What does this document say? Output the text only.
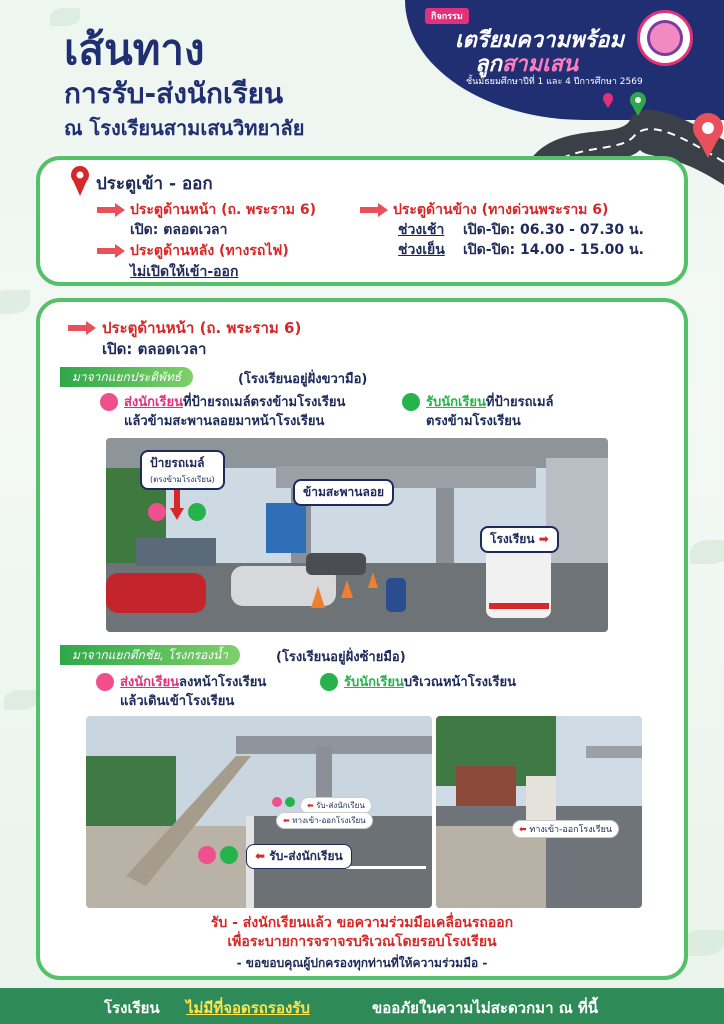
เส้นทาง
การรับ-ส่งนักเรียน
ณ โรงเรียนสามเสนวิทยาลัย
กิจกรรม
เตรียมความพร้อม
ลูกสามเสน
ชั้นมัธยมศึกษาปีที่ 1 และ 4 ปีการศึกษา 2569
ประตูเข้า - ออก
ประตูด้านหน้า (ถ. พระราม 6)
เปิด: ตลอดเวลา
ประตูด้านหลัง (ทางรถไฟ)
ไม่เปิดให้เข้า-ออก
ประตูด้านข้าง (ทางด่วนพระราม 6)
ช่วงเช้า เปิด-ปิด: 06.30 - 07.30 น.
ช่วงเย็น เปิด-ปิด: 14.00 - 15.00 น.
ประตูด้านหน้า (ถ. พระราม 6)
เปิด: ตลอดเวลา
มาจากแยกประดิพัทธ์	(โรงเรียนอยู่ฝั่งขวามือ)
ส่งนักเรียนที่ป้ายรถเมล์ตรงข้ามโรงเรียน
แล้วข้ามสะพานลอยมาหน้าโรงเรียน
รับนักเรียนที่ป้ายรถเมล์
ตรงข้ามโรงเรียน
ป้ายรถเมล์
(ตรงข้ามโรงเรียน)
ข้ามสะพานลอย
โรงเรียน ➡
มาจากแยกตึกชัย, โรงกรองน้ำ	(โรงเรียนอยู่ฝั่งซ้ายมือ)
ส่งนักเรียนลงหน้าโรงเรียน
แล้วเดินเข้าโรงเรียน
รับนักเรียนบริเวณหน้าโรงเรียน
⬅ รับ-ส่งนักเรียน
⬅ ทางเข้า-ออกโรงเรียน
⬅ รับ-ส่งนักเรียน
⬅ ทางเข้า-ออกโรงเรียน
รับ - ส่งนักเรียนแล้ว ขอความร่วมมือเคลื่อนรถออก
เพื่อระบายการจราจรบริเวณโดยรอบโรงเรียน
- ขอขอบคุณผู้ปกครองทุกท่านที่ให้ความร่วมมือ -
โรงเรียน ไม่มีที่จอดรถรองรับ	ขออภัยในความไม่สะดวกมา ณ ที่นี้
